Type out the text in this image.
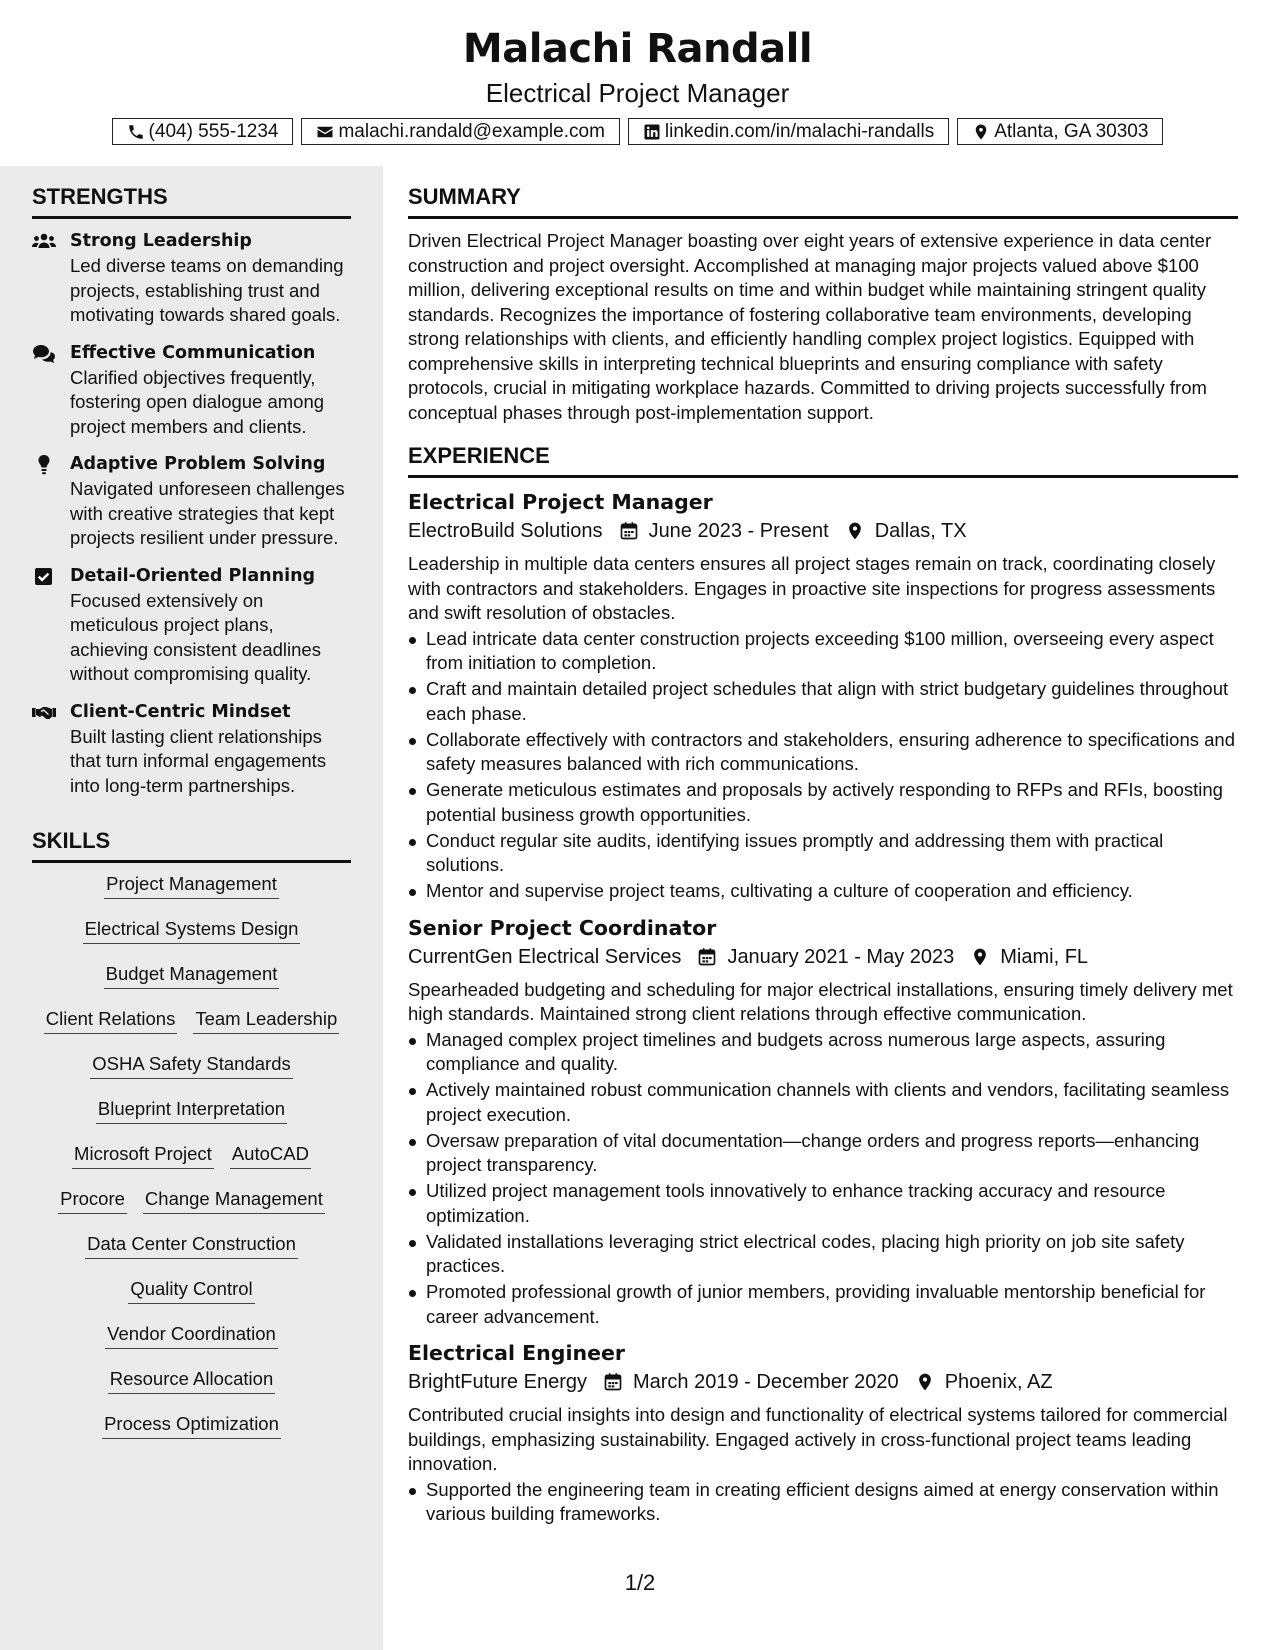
Malachi Randall
Electrical Project Manager
(404) 555-1234	malachi.randald@example.com	linkedin.com/in/malachi-randalls	Atlanta, GA 30303
STRENGTHS
Strong Leadership
Led diverse teams on demanding projects, establishing trust and motivating towards shared goals.
Effective Communication
Clarified objectives frequently, fostering open dialogue among project members and clients.
Adaptive Problem Solving
Navigated unforeseen challenges with creative strategies that kept projects resilient under pressure.
Detail-Oriented Planning
Focused extensively on meticulous project plans, achieving consistent deadlines without compromising quality.
Client-Centric Mindset
Built lasting client relationships that turn informal engagements into long-term partnerships.
SKILLS
Project Management
Electrical Systems Design
Budget Management
Client Relations Team Leadership
OSHA Safety Standards
Blueprint Interpretation
Microsoft Project AutoCAD
Procore Change Management
Data Center Construction
Quality Control
Vendor Coordination
Resource Allocation
Process Optimization
SUMMARY

Driven Electrical Project Manager boasting over eight years of extensive experience in data center construction and project oversight. Accomplished at managing major projects valued above $100 million, delivering exceptional results on time and within budget while maintaining stringent quality standards. Recognizes the importance of fostering collaborative team environments, developing strong relationships with clients, and efficiently handling complex project logistics. Equipped with comprehensive skills in interpreting technical blueprints and ensuring compliance with safety protocols, crucial in mitigating workplace hazards. Committed to driving projects successfully from conceptual phases through post-implementation support.

EXPERIENCE
Electrical Project Manager
ElectroBuild Solutions June 2023 - Present Dallas, TX

Leadership in multiple data centers ensures all project stages remain on track, coordinating closely with contractors and stakeholders. Engages in proactive site inspections for progress assessments and swift resolution of obstacles.

Lead intricate data center construction projects exceeding $100 million, overseeing every aspect from initiation to completion.
Craft and maintain detailed project schedules that align with strict budgetary guidelines throughout each phase.
Collaborate effectively with contractors and stakeholders, ensuring adherence to specifications and safety measures balanced with rich communications.
Generate meticulous estimates and proposals by actively responding to RFPs and RFIs, boosting potential business growth opportunities.
Conduct regular site audits, identifying issues promptly and addressing them with practical solutions.
Mentor and supervise project teams, cultivating a culture of cooperation and efficiency.
Senior Project Coordinator
CurrentGen Electrical Services January 2021 - May 2023 Miami, FL

Spearheaded budgeting and scheduling for major electrical installations, ensuring timely delivery met high standards. Maintained strong client relations through effective communication.

Managed complex project timelines and budgets across numerous large aspects, assuring compliance and quality.
Actively maintained robust communication channels with clients and vendors, facilitating seamless project execution.
Oversaw preparation of vital documentation—change orders and progress reports—enhancing project transparency.
Utilized project management tools innovatively to enhance tracking accuracy and resource optimization.
Validated installations leveraging strict electrical codes, placing high priority on job site safety practices.
Promoted professional growth of junior members, providing invaluable mentorship beneficial for career advancement.
Electrical Engineer
BrightFuture Energy March 2019 - December 2020 Phoenix, AZ

Contributed crucial insights into design and functionality of electrical systems tailored for commercial buildings, emphasizing sustainability. Engaged actively in cross-functional project teams leading innovation.

Supported the engineering team in creating efficient designs aimed at energy conservation within various building frameworks.
1/2
